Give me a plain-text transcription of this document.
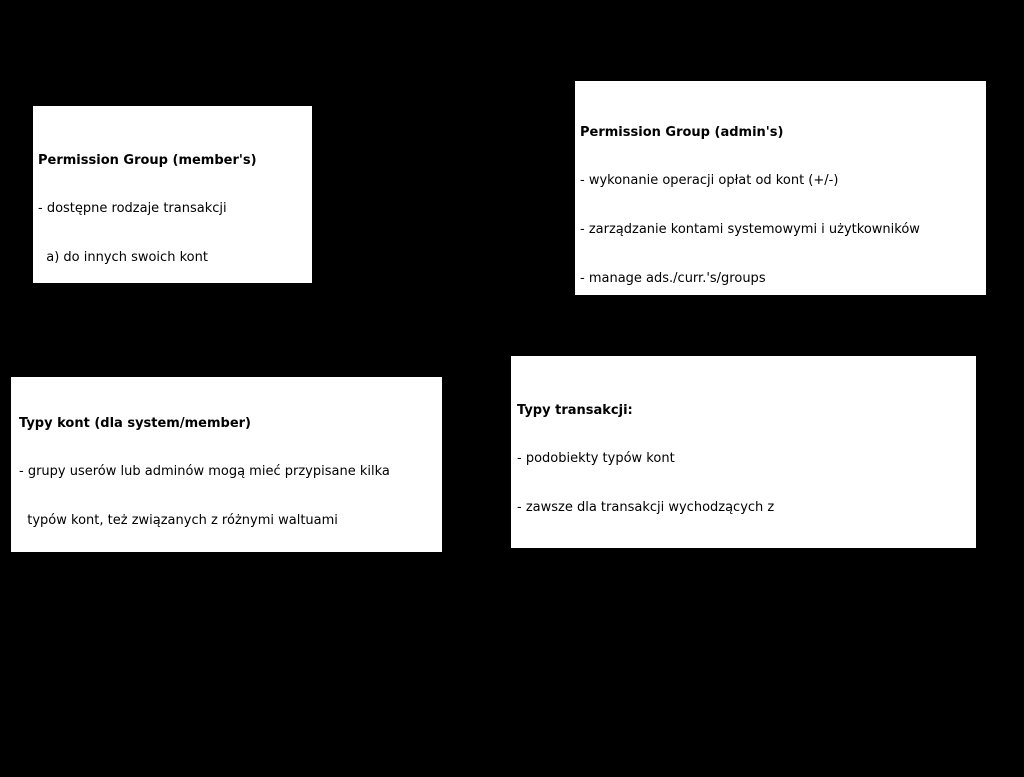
Permission Group (member's)

- dostępne rodzaje transakcji

a) do innych swoich kont

b) do kont innych userów

c) do systemu (banku i organizacji)

Permission Group (admin's)

- wykonanie operacji opłat od kont (+/-)

- zarządzanie kontami systemowymi i użytkowników

- manage ads./curr.'s/groups

- zarządzanie grupami reklam

- wprowadzanie transakcji z datą przeszłą

- cofanie transakcji

- zarządzanie kredytami

Typy kont (dla system/member)

- grupy userów lub adminów mogą mieć przypisane kilka

typów kont, też związanych z różnymi waltuami

- wszelkie przepływy z danego typu kont(a) muszą być zdefi-

niowane jako "typy transakcji"

- dla memberów: definiuje się opłaty od kont (+/-)

[można tu umożliwić kreację jednostek rozrachunkowych, M1]

Typy transakcji:

- podobiekty typów kont

- zawsze dla transakcji wychodzących z

danego typu konta

- muszą być "enabled" w oknie definiującym

- muszą być "enabled" dla użytkowników, którzy mają

je wykonywać

- z transakcjami można związać opłaty (fee's) od nich ("podatki", +/-)
